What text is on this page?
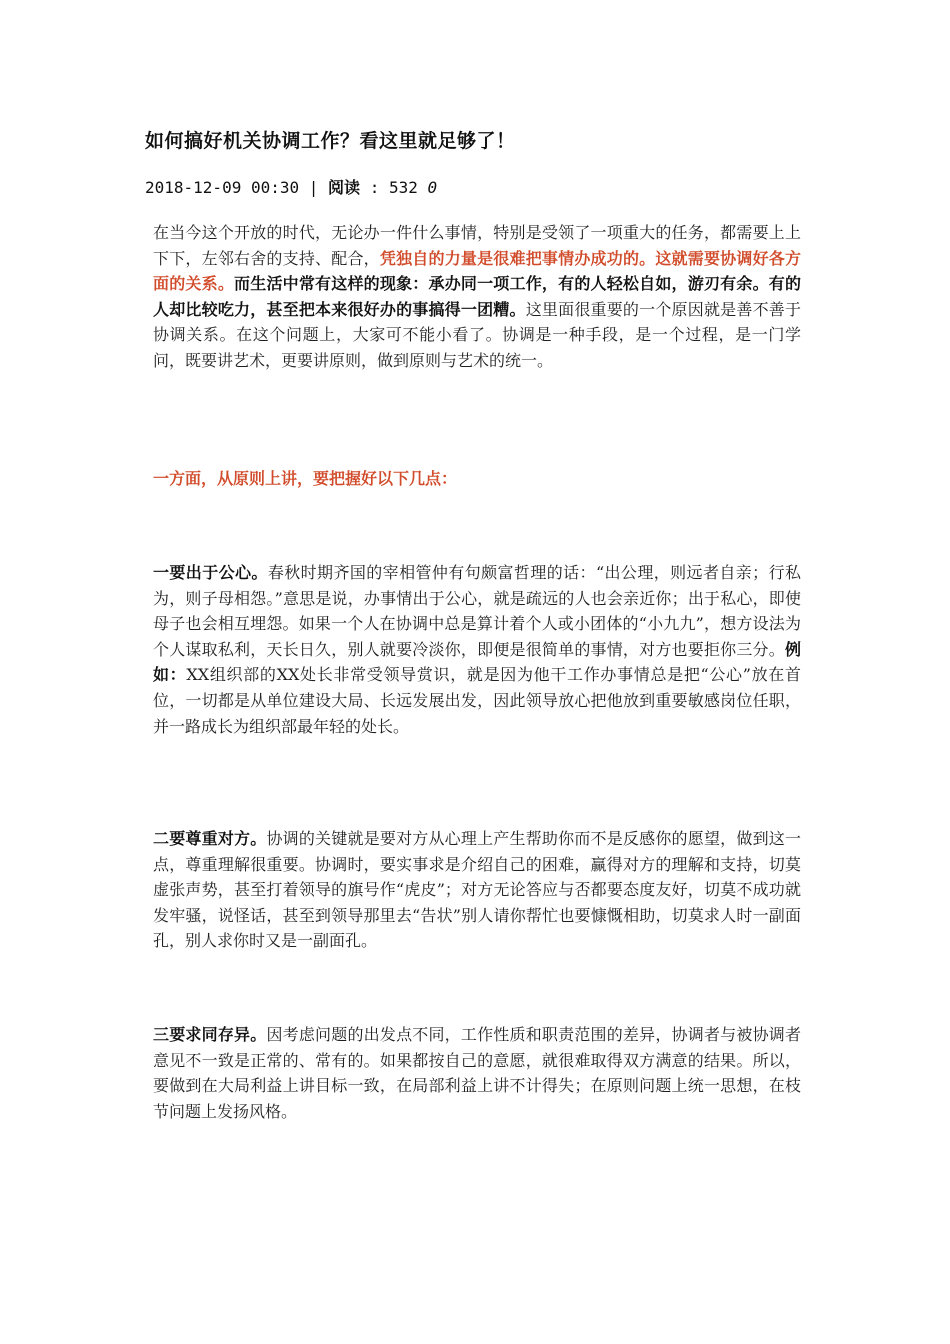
如何搞好机关协调工作？看这里就足够了！
2018-12-09 00:30 | 阅读 : 532 0
在当今这个开放的时代，无论办一件什么事情，特别是受领了一项重大的任务，都需要上上下下，左邻右舍的支持、配合，凭独自的力量是很难把事情办成功的。这就需要协调好各方面的关系。而生活中常有这样的现象：承办同一项工作，有的人轻松自如，游刃有余。有的人却比较吃力，甚至把本来很好办的事搞得一团糟。这里面很重要的一个原因就是善不善于协调关系。在这个问题上，大家可不能小看了。协调是一种手段，是一个过程，是一门学问，既要讲艺术，更要讲原则，做到原则与艺术的统一。
一方面，从原则上讲，要把握好以下几点：
一要出于公心。春秋时期齐国的宰相管仲有句颇富哲理的话：“出公理，则远者自亲；行私为，则子母相怨。”意思是说，办事情出于公心，就是疏远的人也会亲近你；出于私心，即使母子也会相互埋怨。如果一个人在协调中总是算计着个人或小团体的“小九九”，想方设法为个人谋取私利，天长日久，别人就要冷淡你，即便是很简单的事情，对方也要拒你三分。例如：XX组织部的XX处长非常受领导赏识，就是因为他干工作办事情总是把“公心”放在首位，一切都是从单位建设大局、长远发展出发，因此领导放心把他放到重要敏感岗位任职，并一路成长为组织部最年轻的处长。
二要尊重对方。协调的关键就是要对方从心理上产生帮助你而不是反感你的愿望，做到这一点，尊重理解很重要。协调时，要实事求是介绍自己的困难，赢得对方的理解和支持，切莫虚张声势，甚至打着领导的旗号作“虎皮”；对方无论答应与否都要态度友好，切莫不成功就发牢骚，说怪话，甚至到领导那里去“告状”别人请你帮忙也要慷慨相助，切莫求人时一副面孔，别人求你时又是一副面孔。
三要求同存异。因考虑问题的出发点不同，工作性质和职责范围的差异，协调者与被协调者意见不一致是正常的、常有的。如果都按自己的意愿，就很难取得双方满意的结果。所以，要做到在大局利益上讲目标一致，在局部利益上讲不计得失；在原则问题上统一思想，在枝节问题上发扬风格。
